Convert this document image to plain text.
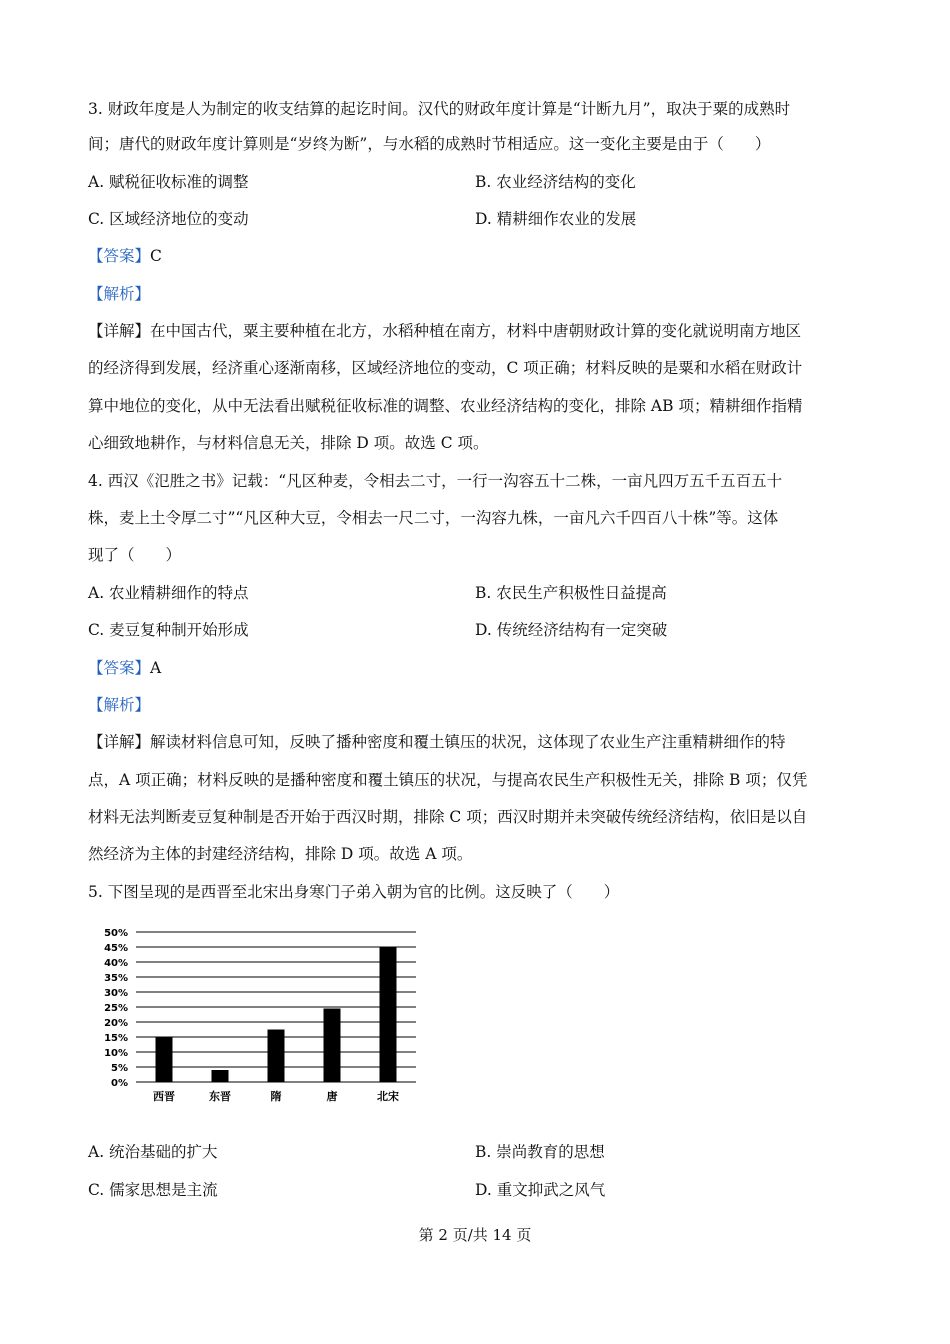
3. 财政年度是人为制定的收支结算的起讫时间。汉代的财政年度计算是“计断九月”，取决于粟的成熟时
间；唐代的财政年度计算则是“岁终为断”，与水稻的成熟时节相适应。这一变化主要是由于（　　）
A. 赋税征收标准的调整	B. 农业经济结构的变化
C. 区域经济地位的变动	D. 精耕细作农业的发展
【答案】C
【解析】
【详解】在中国古代，粟主要种植在北方，水稻种植在南方，材料中唐朝财政计算的变化就说明南方地区
的经济得到发展，经济重心逐渐南移，区域经济地位的变动，C 项正确；材料反映的是粟和水稻在财政计
算中地位的变化，从中无法看出赋税征收标准的调整、农业经济结构的变化，排除 AB 项；精耕细作指精
心细致地耕作，与材料信息无关，排除 D 项。故选 C 项。
4. 西汉《氾胜之书》记载：“凡区种麦，令相去二寸，一行一沟容五十二株，一亩凡四万五千五百五十
株，麦上土令厚二寸”“凡区种大豆，令相去一尺二寸，一沟容九株，一亩凡六千四百八十株”等。这体
现了（　　）
A. 农业精耕细作的特点	B. 农民生产积极性日益提高
C. 麦豆复种制开始形成	D. 传统经济结构有一定突破
【答案】A
【解析】
【详解】解读材料信息可知，反映了播种密度和覆土镇压的状况，这体现了农业生产注重精耕细作的特
点，A 项正确；材料反映的是播种密度和覆土镇压的状况，与提高农民生产积极性无关，排除 B 项；仅凭
材料无法判断麦豆复种制是否开始于西汉时期，排除 C 项；西汉时期并未突破传统经济结构，依旧是以自
然经济为主体的封建经济结构，排除 D 项。故选 A 项。
5. 下图呈现的是西晋至北宋出身寒门子弟入朝为官的比例。这反映了（　　）
0%
5%
10%
15%
20%
25%
30%
35%
40%
45%
50%
西晋	东晋	隋	唐	北宋
A. 统治基础的扩大	B. 崇尚教育的思想
C. 儒家思想是主流	D. 重文抑武之风气
第 2 页/共 14 页
